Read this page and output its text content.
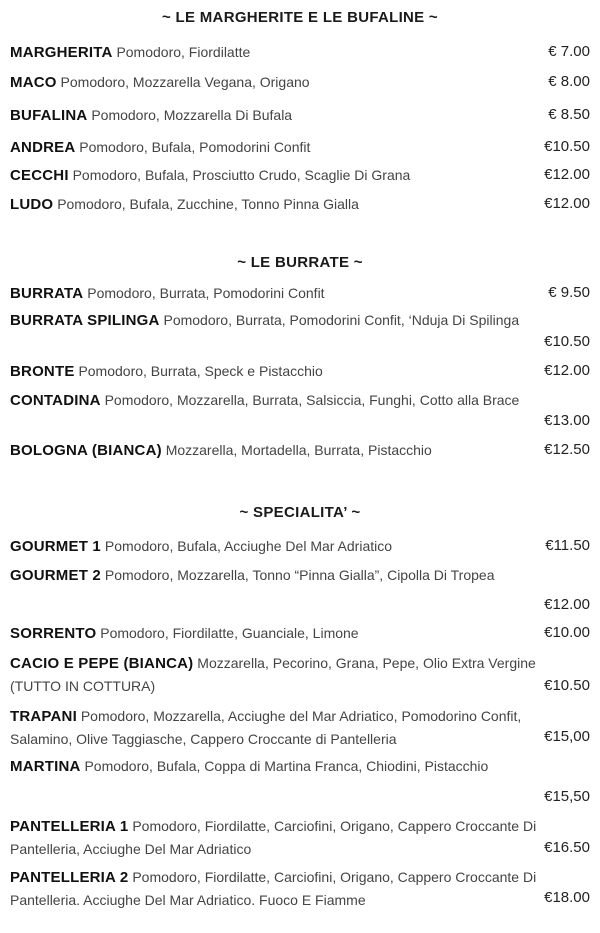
~ LE MARGHERITE E LE BUFALINE ~
MARGHERITA Pomodoro, Fiordilatte	€ 7.00
MACO Pomodoro, Mozzarella Vegana, Origano	€ 8.00
BUFALINA Pomodoro, Mozzarella Di Bufala	€ 8.50
ANDREA Pomodoro, Bufala, Pomodorini Confit	€10.50
CECCHI Pomodoro, Bufala, Prosciutto Crudo, Scaglie Di Grana	€12.00
LUDO Pomodoro, Bufala, Zucchine, Tonno Pinna Gialla	€12.00
~ LE BURRATE ~
BURRATA Pomodoro, Burrata, Pomodorini Confit	€ 9.50
BURRATA SPILINGA Pomodoro, Burrata, Pomodorini Confit, ‘Nduja Di Spilinga
€10.50
BRONTE Pomodoro, Burrata, Speck e Pistacchio	€12.00
CONTADINA Pomodoro, Mozzarella, Burrata, Salsiccia, Funghi, Cotto alla Brace
€13.00
BOLOGNA (BIANCA) Mozzarella, Mortadella, Burrata, Pistacchio	€12.50
~ SPECIALITA’ ~
GOURMET 1 Pomodoro, Bufala, Acciughe Del Mar Adriatico	€11.50
GOURMET 2 Pomodoro, Mozzarella, Tonno “Pinna Gialla”, Cipolla Di Tropea
€12.00
SORRENTO Pomodoro, Fiordilatte, Guanciale, Limone	€10.00
CACIO E PEPE (BIANCA) Mozzarella, Pecorino, Grana, Pepe, Olio Extra Vergine (TUTTO IN COTTURA)	€10.50
TRAPANI Pomodoro, Mozzarella, Acciughe del Mar Adriatico, Pomodorino Confit, Salamino, Olive Taggiasche, Cappero Croccante di Pantelleria	€15,00
MARTINA Pomodoro, Bufala, Coppa di Martina Franca, Chiodini, Pistacchio
€15,50
PANTELLERIA 1 Pomodoro, Fiordilatte, Carciofini, Origano, Cappero Croccante Di Pantelleria, Acciughe Del Mar Adriatico	€16.50
PANTELLERIA 2 Pomodoro, Fiordilatte, Carciofini, Origano, Cappero Croccante Di Pantelleria. Acciughe Del Mar Adriatico. Fuoco E Fiamme	€18.00
